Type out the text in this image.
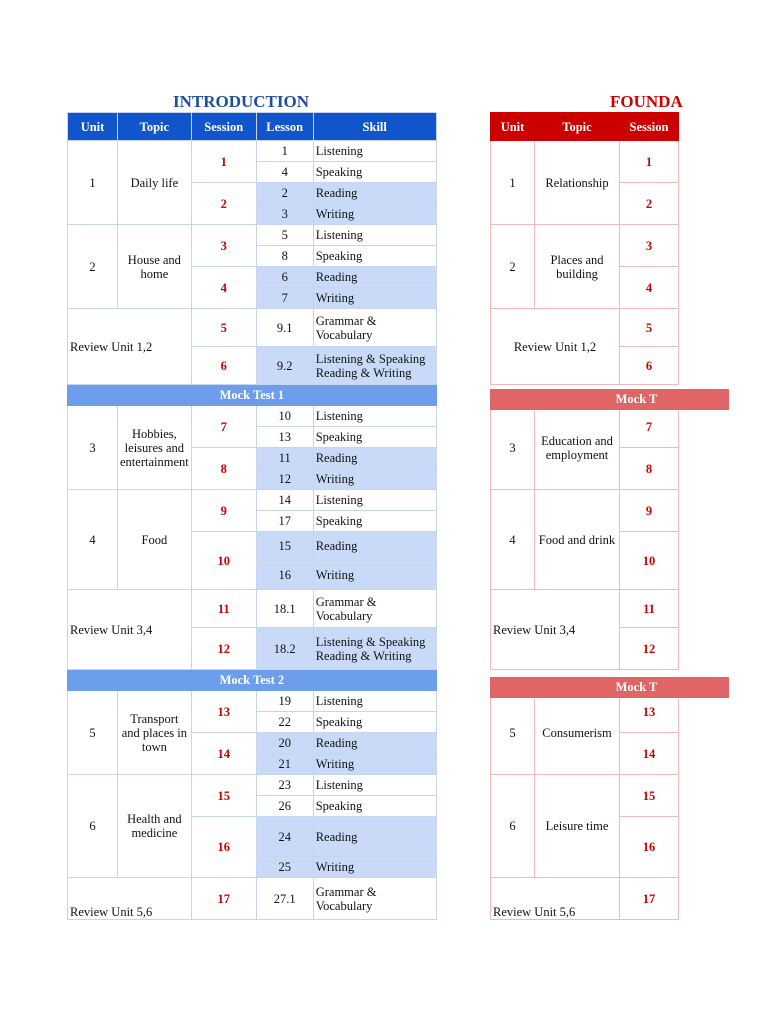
INTRODUCTION	FOUNDA
Unit	Topic	Session	Lesson	Skill
1	Daily life	1	1	Listening
			4	Speaking
		2	2	Reading
			3	Writing
2	House and home	3	5	Listening
			8	Speaking
		4	6	Reading
			7	Writing
Review Unit 1,2		5	9.1	Grammar & Vocabulary
		6	9.2	Listening & Speaking Reading & Writing
Mock Test 1				
3	Hobbies, leisures and entertainment	7	10	Listening
			13	Speaking
		8	11	Reading
			12	Writing
4	Food	9	14	Listening
			17	Speaking
		10	15	Reading
			16	Writing
Review Unit 3,4		11	18.1	Grammar & Vocabulary
		12	18.2	Listening & Speaking Reading & Writing
Mock Test 2				
5	Transport and places in town	13	19	Listening
			22	Speaking
		14	20	Reading
			21	Writing
6	Health and medicine	15	23	Listening
			26	Speaking
		16	24	Reading
			25	Writing
Review Unit 5,6		17	27.1	Grammar & Vocabulary
Unit	Topic	Session
1	Relationship	1
		2
2	Places and building	3
		4
Review Unit 1,2		5
		6

3	Education and employment	7
		8
4	Food and drink	9
		10
Review Unit 3,4		11
		12

5	Consumerism	13
		14
6	Leisure time	15
		16
Review Unit 5,6		17
Mock T
Mock T
